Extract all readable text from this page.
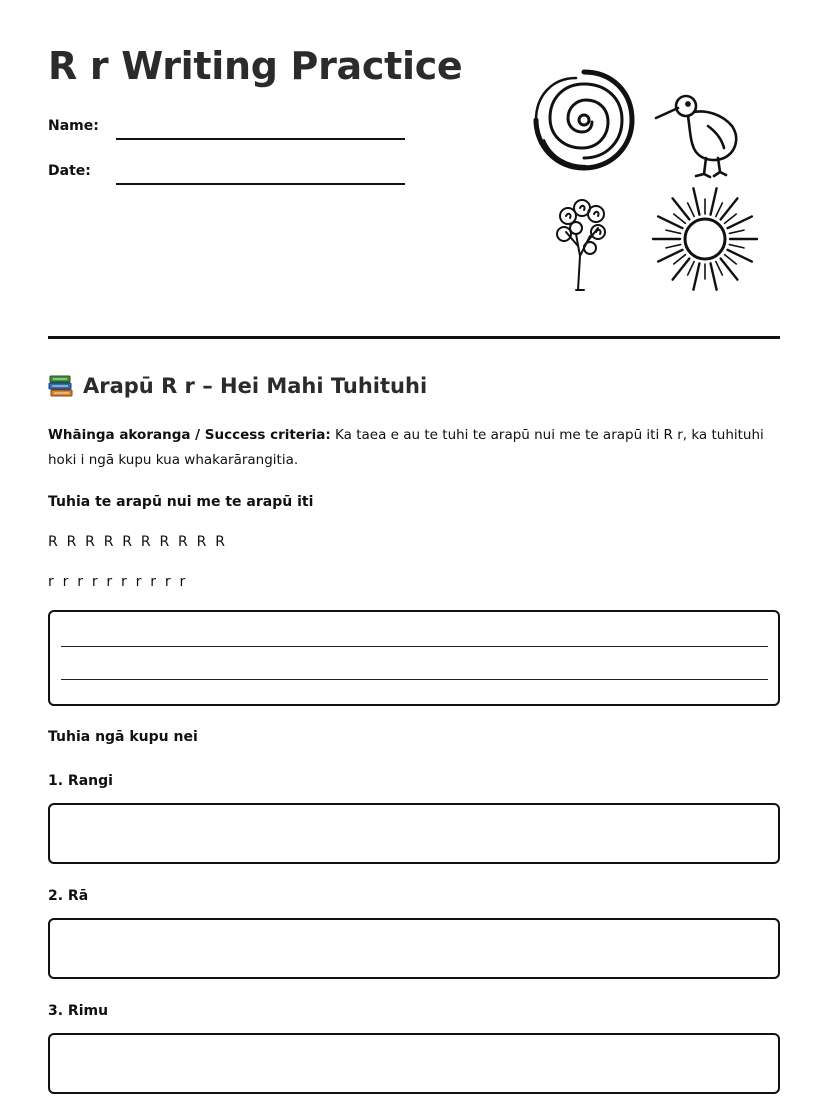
R r Writing Practice
Name:
Date:
Arapū R r – Hei Mahi Tuhituhi

Whāinga akoranga / Success criteria: Ka taea e au te tuhi te arapū nui me te arapū iti R r, ka tuhituhi hoki i ngā kupu kua whakarārangitia.

Tuhia te arapū nui me te arapū iti
R R R R R R R R R R
r r r r r r r r r r
Tuhia ngā kupu nei
1. Rangi
2. Rā
3. Rimu
